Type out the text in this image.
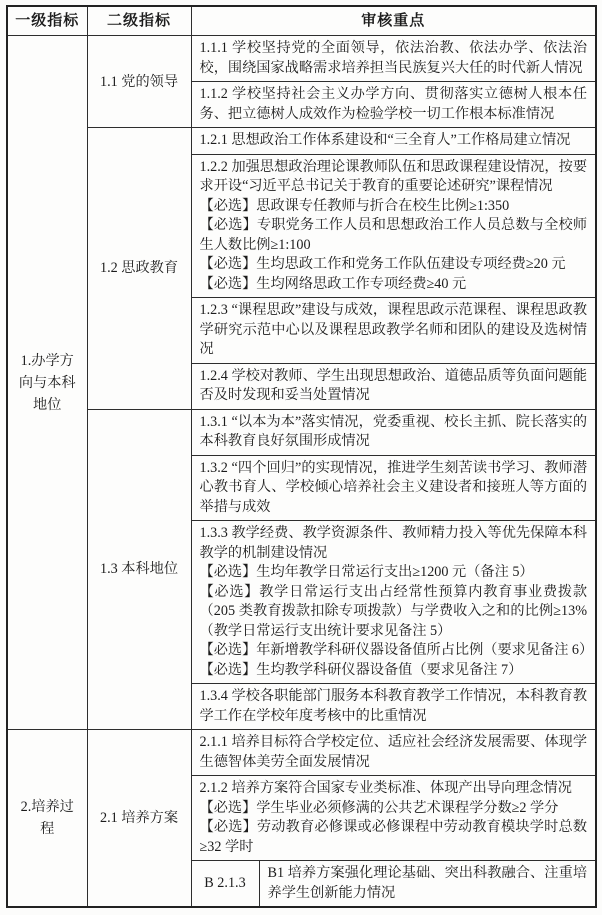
一级指标	二级指标	审核重点	
1.办学方向与本科地位	1.1 党的领导	1.1.1 学校坚持党的全面领导，依法治教、依法办学、依法治校，围绕国家战略需求培养担当民族复兴大任的时代新人情况	

		1.1.2 学校坚持社会主义办学方向、贯彻落实立德树人根本任务、把立德树人成效作为检验学校一切工作根本标准情况	

	1.2 思政教育	1.2.1 思想政治工作体系建设和“三全育人”工作格局建立情况	

		1.2.2 加强思想政治理论课教师队伍和思政课程建设情况，按要求开设“习近平总书记关于教育的重要论述研究”课程情况
【必选】思政课专任教师与折合在校生比例≥1:350
【必选】专职党务工作人员和思想政治工作人员总数与全校师生人数比例≥1:100
【必选】生均思政工作和党务工作队伍建设专项经费≥20 元
【必选】生均网络思政工作专项经费≥40 元	

		1.2.3 “课程思政”建设与成效，课程思政示范课程、课程思政教学研究示范中心以及课程思政教学名师和团队的建设及选树情况	

		1.2.4 学校对教师、学生出现思想政治、道德品质等负面问题能否及时发现和妥当处置情况	

	1.3 本科地位	1.3.1 “以本为本”落实情况，党委重视、校长主抓、院长落实的本科教育良好氛围形成情况	

		1.3.2 “四个回归”的实现情况，推进学生刻苦读书学习、教师潜心教书育人、学校倾心培养社会主义建设者和接班人等方面的举措与成效	

		1.3.3 教学经费、教学资源条件、教师精力投入等优先保障本科教学的机制建设情况
【必选】生均年教学日常运行支出≥1200 元（备注 5）
【必选】教学日常运行支出占经常性预算内教育事业费拨款（205 类教育拨款扣除专项拨款）与学费收入之和的比例≥13%（教学日常运行支出统计要求见备注 5）
【必选】年新增教学科研仪器设备值所占比例（要求见备注 6）
【必选】生均教学科研仪器设备值（要求见备注 7）	

		1.3.4 学校各职能部门服务本科教育教学工作情况，本科教育教学工作在学校年度考核中的比重情况	

2.培养过程	2.1 培养方案	2.1.1 培养目标符合学校定位、适应社会经济发展需要、体现学生德智体美劳全面发展情况	

		2.1.2 培养方案符合国家专业类标准、体现产出导向理念情况
【必选】学生毕业必须修满的公共艺术课程学分数≥2 学分
【必选】劳动教育必修课或必修课程中劳动教育模块学时总数≥32 学时	

		B 2.1.3	B1 培养方案强化理论基础、突出科教融合、注重培养学生创新能力情况
